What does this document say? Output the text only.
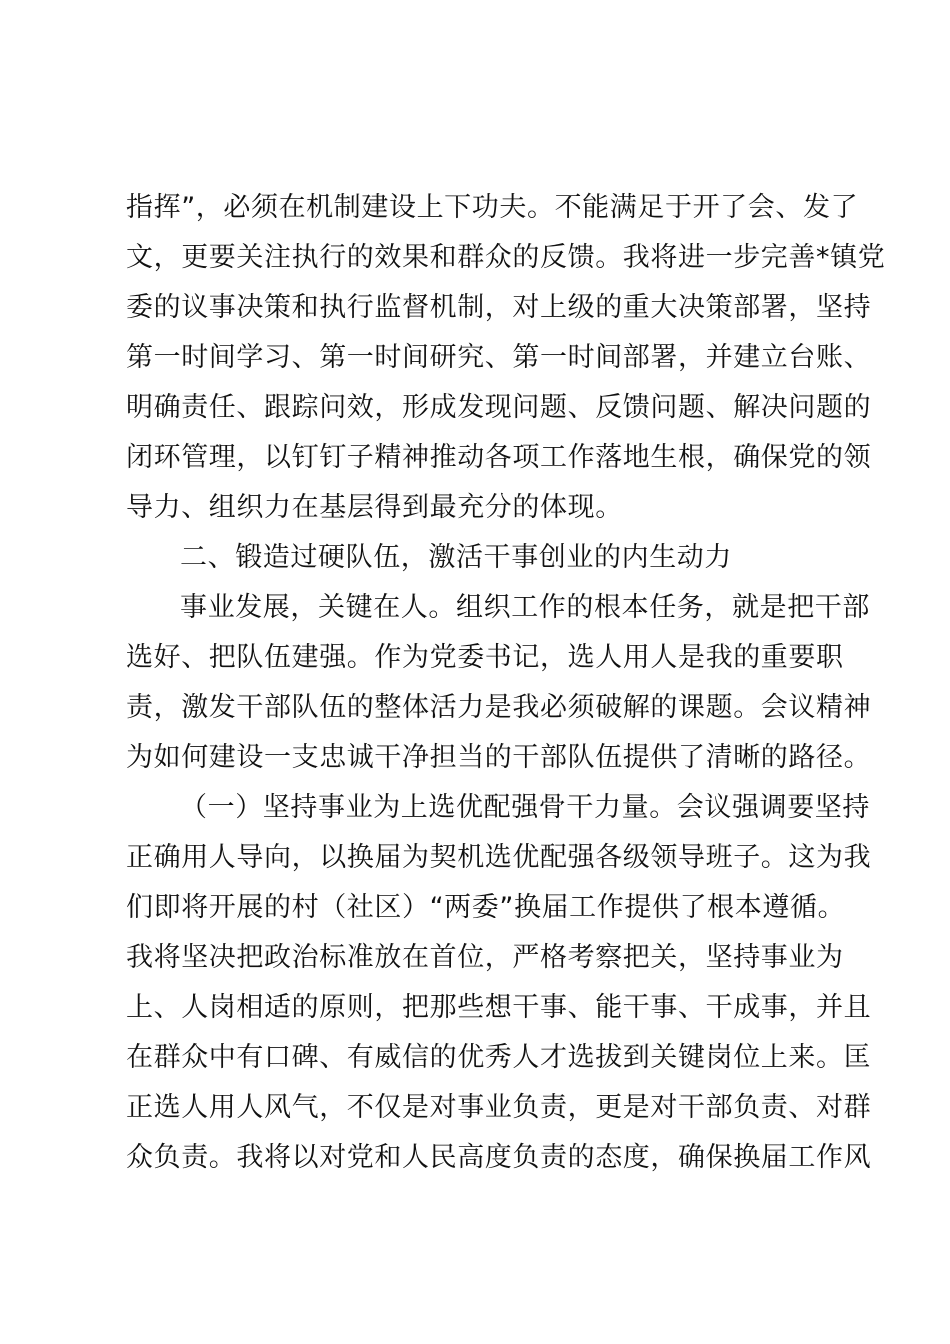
指挥”，必须在机制建设上下功夫。不能满足于开了会、发了
文，更要关注执行的效果和群众的反馈。我将进一步完善*镇党
委的议事决策和执行监督机制，对上级的重大决策部署，坚持
第一时间学习、第一时间研究、第一时间部署，并建立台账、
明确责任、跟踪问效，形成发现问题、反馈问题、解决问题的
闭环管理，以钉钉子精神推动各项工作落地生根，确保党的领
导力、组织力在基层得到最充分的体现。
二、锻造过硬队伍，激活干事创业的内生动力
事业发展，关键在人。组织工作的根本任务，就是把干部
选好、把队伍建强。作为党委书记，选人用人是我的重要职
责，激发干部队伍的整体活力是我必须破解的课题。会议精神
为如何建设一支忠诚干净担当的干部队伍提供了清晰的路径。
（一）坚持事业为上选优配强骨干力量。会议强调要坚持
正确用人导向，以换届为契机选优配强各级领导班子。这为我
们即将开展的村（社区）“两委”换届工作提供了根本遵循。
我将坚决把政治标准放在首位，严格考察把关，坚持事业为
上、人岗相适的原则，把那些想干事、能干事、干成事，并且
在群众中有口碑、有威信的优秀人才选拔到关键岗位上来。匡
正选人用人风气，不仅是对事业负责，更是对干部负责、对群
众负责。我将以对党和人民高度负责的态度，确保换届工作风
